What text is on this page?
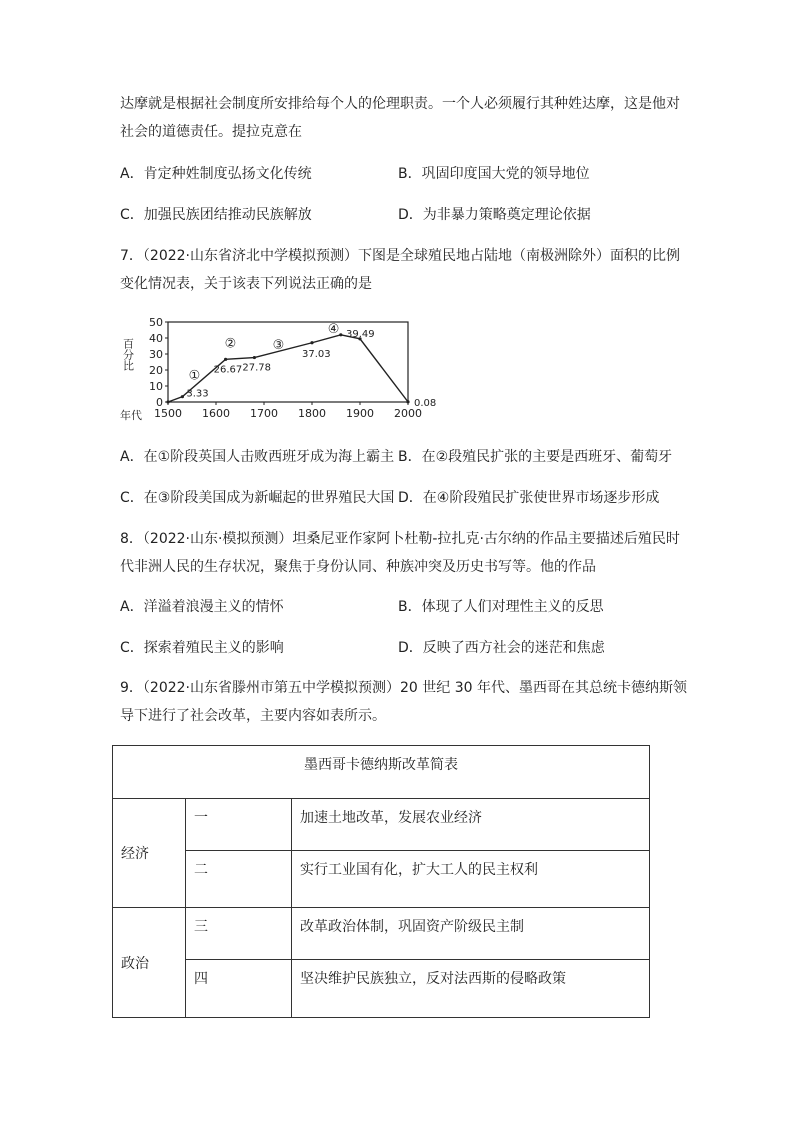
达摩就是根据社会制度所安排给每个人的伦理职责。一个人必须履行其种姓达摩，这是他对
社会的道德责任。提拉克意在
A．肯定种姓制度弘扬文化传统	B．巩固印度国大党的领导地位
C．加强民族团结推动民族解放	D．为非暴力策略奠定理论依据
7．（2022·山东省济北中学模拟预测）下图是全球殖民地占陆地（南极洲除外）面积的比例
变化情况表，关于该表下列说法正确的是
百分比
年代
0
10
20
30
40
50
1500 1600 1700 1800 1900 2000
3.33
26.67 27.78
37.03
39.49
0.08
①
②	③
④
A．在①阶段英国人击败西班牙成为海上霸主 B．在②段殖民扩张的主要是西班牙、葡萄牙
C．在③阶段美国成为新崛起的世界殖民大国 D．在④阶段殖民扩张使世界市场逐步形成
8．（2022·山东·模拟预测）坦桑尼亚作家阿卜杜勒-拉扎克·古尔纳的作品主要描述后殖民时
代非洲人民的生存状况，聚焦于身份认同、种族冲突及历史书写等。他的作品
A．洋溢着浪漫主义的情怀	B．体现了人们对理性主义的反思
C．探索着殖民主义的影响	D．反映了西方社会的迷茫和焦虑
9．（2022·山东省滕州市第五中学模拟预测）20 世纪 30 年代、墨西哥在其总统卡德纳斯领
导下进行了社会改革，主要内容如表所示。
墨西哥卡德纳斯改革简表		
经济	一	加速土地改革，发展农业经济
	二	实行工业国有化，扩大工人的民主权利
政治	三	改革政治体制，巩固资产阶级民主制
	四	坚决维护民族独立，反对法西斯的侵略政策
